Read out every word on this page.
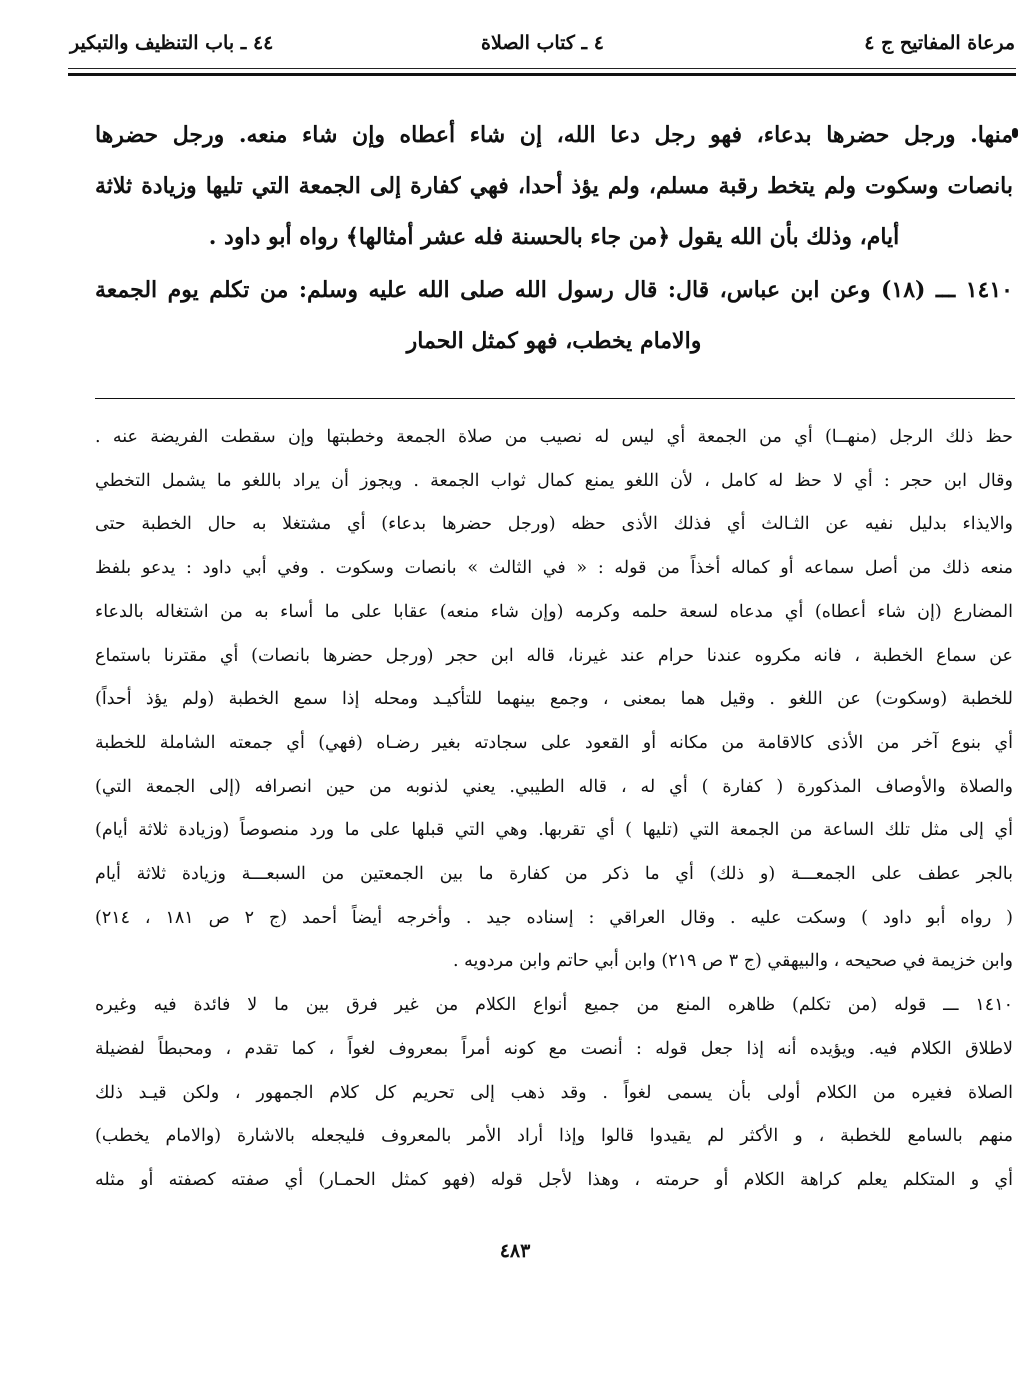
مرعاة المفاتيح ج ٤
٤ ـ كتاب الصلاة
٤٤ ـ باب التنظيف والتبكير
منها. ورجل حضرها بدعاء، فهو رجل دعا الله، إن شاء أعطاه وإن شاء منعه. ورجل حضرها
بانصات وسكوت ولم يتخط رقبة مسلم، ولم يؤذ أحدا، فهي كفارة إلى الجمعة التي تليها وزيادة ثلاثة
أيام، وذلك بأن الله يقول ﴿من جاء بالحسنة فله عشر أمثالها﴾ رواه أبو داود .
١٤١٠ ـــ (١٨) وعن ابن عباس، قال: قال رسول الله صلى الله عليه وسلم: من تكلم يوم الجمعة
والامام يخطب، فهو كمثل الحمار
حظ ذلك الرجل (منهــا) أي من الجمعة أي ليس له نصيب من صلاة الجمعة وخطبتها وإن سقطت الفريضة عنه .
وقال ابن حجر : أي لا حظ له كامل ، لأن اللغو يمنع كمال ثواب الجمعة . ويجوز أن يراد باللغو ما يشمل التخطي
والايذاء بدليل نفيه عن الثـالث أي فذلك الأذى حظه (ورجل حضرها بدعاء) أي مشتغلا به حال الخطبة حتى
منعه ذلك من أصل سماعه أو كماله أخذاً من قوله : « في الثالث » بانصات وسكوت . وفي أبي داود : يدعو بلفظ
المضارع (إن شاء أعطاه) أي مدعاه لسعة حلمه وكرمه (وإن شاء منعه) عقابا على ما أساء به من اشتغاله بالدعاء
عن سماع الخطبة ، فانه مكروه عندنا حرام عند غيرنا، قاله ابن حجر (ورجل حضرها بانصات) أي مقترنا باستماع
للخطبة (وسكوت) عن اللغو . وقيل هما بمعنى ، وجمع بينهما للتأكيـد ومحله إذا سمع الخطبة (ولم يؤذ أحداً)
أي بنوع آخر من الأذى كالاقامة من مكانه أو القعود على سجادته بغير رضـاه (فهي) أي جمعته الشاملة للخطبة
والصلاة والأوصاف المذكورة ( كفارة ) أي له ، قاله الطيبي. يعني لذنوبه من حين انصرافه (إلى الجمعة التي)
أي إلى مثل تلك الساعة من الجمعة التي (تليها ) أي تقربها. وهي التي قبلها على ما ورد منصوصاً (وزيادة ثلاثة أيام)
بالجر عطف على الجمعـــة (و ذلك) أي ما ذكر من كفارة ما بين الجمعتين من السبعـــة وزيادة ثلاثة أيام
( رواه أبو داود ) وسكت عليه . وقال العراقي : إسناده جيد . وأخرجه أيضاً أحمد (ج ٢ ص ١٨١ ، ٢١٤)
وابن خزيمة في صحيحه ، والبيهقي (ج ٣ ص ٢١٩) وابن أبي حاتم وابن مردويه .
١٤١٠ ـــ قوله (من تكلم) ظاهره المنع من جميع أنواع الكلام من غير فرق بين ما لا فائدة فيه وغيره
لاطلاق الكلام فيه. ويؤيده أنه إذا جعل قوله : أنصت مع كونه أمراً بمعروف لغواً ، كما تقدم ، ومحبطاً لفضيلة
الصلاة فغيره من الكلام أولى بأن يسمى لغواً . وقد ذهب إلى تحريم كل كلام الجمهور ، ولكن قيـد ذلك
منهم بالسامع للخطبة ، و الأكثر لم يقيدوا قالوا وإذا أراد الأمر بالمعروف فليجعله بالاشارة (والامام يخطب)
أي و المتكلم يعلم كراهة الكلام أو حرمته ، وهذا لأجل قوله (فهو كمثل الحمـار) أي صفته كصفته أو مثله
٤٨٣
